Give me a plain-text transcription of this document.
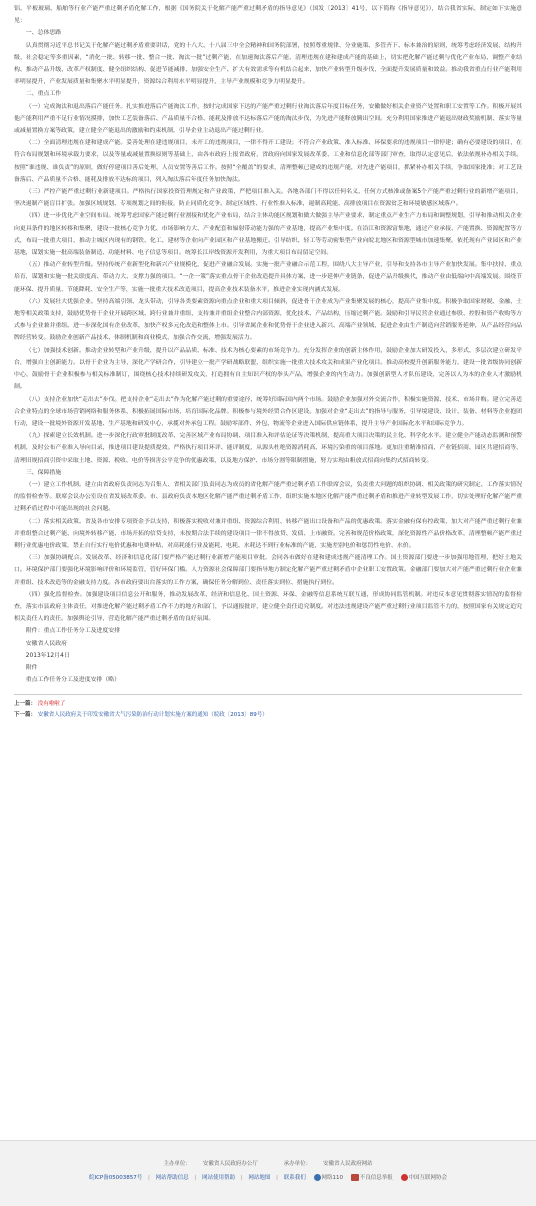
铝、平板玻璃、船舶等行业产能严重过剩矛盾化解工作，根据《国务院关于化解产能严重过剩矛盾的指导意见》（国发〔2013〕41号，以下简称《指导意见》），结合我省实际，制定如下实施意见：

一、总体思路

认真贯彻习近平总书记关于化解产能过剩矛盾重要讲话，党的十八大、十八届三中全会精神和国务院部署，按照尊重规律、分业施策、多管齐下、标本兼治的原则，统筹考虑经济发展、结构升级、社会稳定等多重因素，“消化一批、转移一批、整合一批、淘汰一批”过剩产能，在加速淘汰落后产能、清理违规在建和建成产能的基础上，切实把化解产能过剩与优化产业布局、调整产业结构、推动产品升级、改革产权制度、健全组织结构、促进节能减排、加强安全生产、扩大有效需求等有机结合起来，加快产业转型升级步伐，全面提升发展质量和效益。推动我省重点行业产能利用率明显提升，产业发展质量和集聚水平明显提升，资源综合利用水平明显提升，主导产业规模和竞争力明显提升。

二、重点工作

（一）完成淘汰和退出落后产能任务。扎实推进落后产能淘汰工作，按时完成国家下达的产能严重过剩行业淘汰落后年度目标任务，安徽做好相关企业资产处置和职工安置等工作。积极开展其他产能利用严重不足行业情况摸排，加快工艺装备落后、产品质量不合格、能耗及排放不达标落后产能的淘汰步伐，为先进产能释放腾出空间。充分利用国家推进产能退出财政奖励机制、落实等量或减量置换方案等政策，建立健全产能退出的激励和约束机制，引导企业主动退出产能过剩行业。

（二）全面清理违规在建和建成产能。妥善处理在建违规项目，未开工的违规项目，一律不得开工建设；不符合产业政策、准入标准、环保要求的违规项目一律停建；确有必要建设的项目，在符合布局规划和环境承载力要求，以及等量或减量置换原则等基础上，由各市政府上报省政府，省政府向国家发展改革委、工业和信息化部等部门审查，取得认定意见后，依法依规补办相关手续。按照“谁违规、谁负责”的原则，做好停建项目善后处理、人员安置等善后工作。按照“全覆盖”的要求，清理整顿已建成的违规产能，对先进产能项目，抓紧补办相关手续，争取国家批准；对工艺设备落后、产品质量不合格、能耗及排放不达标的项目，列入淘汰落后年度任务加快淘汰。

（三）严控产能严重过剩行业新建项目。严格执行国家投资管理规定和产业政策，严把项目准入关。各地各部门不得以任何名义、任何方式核准或备案5个产能严重过剩行业的新增产能项目，坚决遏制产能盲目扩张。加强区域规划、专项规划之间的衔接，防止同质化竞争。制定区域性、行业性准入标准，遏制高耗能、高排放项目在资源贫乏和环境敏感区域落户。

（四）进一步优化产业空间布局。统筹考虑国家产能过剩行业割接和优化产业布局，结合主体功能区规划和做大做强主导产业要求，制定重点产业生产力布局和调整规划，引导和推动相关企业向更具条件的地区转移和集聚，建设一批核心竞争力优、市场影响力大、产业配套和辐射带动能力强的产业基地，提高产业集中度。在沿江和资源富集地，通过产业承接、产能置换、资源配置等方式，布局一批重大项目，推动主城区内现有的钢铁、化工、建材等企业向产业园区和产业基地搬迁。引导纺织、轻工等劳动密集型产业向皖北地区和资源型城市加速集聚。依托现有产业园区和产业基地，谋划实施一批高端装备制造、功能材料、电子信息等项目。统筹长江岸线资源开发利用，为重大项目布局留足空间。

（五）推动产业转型升级。坚持传统产业新型化和新兴产业规模化，促进产业融合发展。实施一批产业融合示范工程，围绕八大主导产业，引导和支持各市主导产业加快发展。集中扶持、重点培育，谋划和实施一批关联度高、带动力大、支撑力强的项目。“一企一策”落实重点骨干企业改造提升具体方案，进一步延伸产业链条，促进产品升级换代，推动产业由低端向中高端发展。围绕节能环保、提升质量、节能降耗、安全生产等，实施一批重大技术改造项目，提高企业技术装备水平，推进企业实现内涵式发展。

（六）发展壮大优强企业。坚持高端引领、龙头带动，引导各类要素资源向重点企业和重大项目倾斜，促进骨干企业成为产业集聚发展的核心，提高产业集中度。积极争取国家财税、金融、土地等相关政策支持，鼓励优势骨干企业开展跨区域、跨行业兼并重组，支持兼并重组企业整合内部资源，优化技术、产品结构，压缩过剩产能。鼓励和引导民营企业通过参股、控股和资产收购等方式参与企业兼并重组。进一步深化国有企业改革，加快产权多元化改造和整体上市。引导省属企业和优势骨干企业进入新兴、高端产业领域，促进企业由生产制造向营销服务延伸，从产品经营向品牌经营转变。鼓励企业创新产品技术、体制机制和商业模式，加强合作交流，增强发展活力。

（七）加强技术创新。推动企业转型和产业升级，提升以产品品质、标准、技术为核心要素的市场竞争力。充分发挥企业的创新主体作用，鼓励企业加大研发投入，多形式、多层次建立研发平台，增强自主创新能力。以骨干企业为主导，深化产学研合作，引导建立一批产学研战略联盟，组织实施一批重大技术攻关和成果产业化项目。推动高校提升创新服务能力，建设一批省级协同创新中心，鼓励骨干企业积极参与相关标准制订，围绕核心技术持续研发攻关，打造拥有自主知识产权的拳头产品，增强企业的内生动力。加强创新型人才队伍建设，完善以人为本的企业人才激励机制。

（八）支持企业加快“走出去”步伐。把支持企业“走出去”作为化解产能过剩的重要途径，统筹好国际国内两个市场。鼓励企业加强对外交流合作，积极实施资源、技术、市场并购。建立完善适合企业特点的全球市场营销网络和服务体系，积极拓展国际市场，培育国际化品牌。积极参与境外经贸合作区建设。加强对企业“走出去”的指导与服务，引导境建设、设计、装备、材料等企业抱团行动，建设一批境外资源开发基地、生产基地和研发中心，承揽对外承包工程。鼓励零部件、外包、物流等企业进入国际供应链体系，提升主导产业国际化水平和国际竞争力。

（九）探索建立长效机制。进一步深化行政审批制度改革，完善区域产业布局协调、项目准入和评估论证等决策机制，提高重大项目决策的民主化、科学化水平。建立健全产能动态监测和预警机制，及时公布产业准入导向目录，推进项目建设提质提效。严格执行项目环评、能评制度，从源头杜绝资源消耗高、环境污染重的项目落地。更加注重精准招商、产业链招商、园区共建招商等，清理旧规招商引资中采取土地、资源、税收、电价等损害公平竞争的优惠政策，以及地方保护、市场分割等限制措施，努力实现由粗放式招商向集约式招商转变。

三、保障措施

（一）建立工作机制。建立由省政府负责同志为召集人、省相关部门负责同志为成员的省化解产能严重过剩矛盾工作联席会议，负责重大问题的组织协调、相关政策的研究制定、工作落实情况的监督检查等。联席会议办公室设在省发展改革委。市、县政府负责本地区化解产能严重过剩矛盾工作，组织实施本地区化解产能严重过剩矛盾和推进产业转型发展工作，切实处理好化解产能严重过剩矛盾过程中可能出现的社会问题。

（二）落实相关政策。省及各市安排专项资金予以支持，积极落实税收对兼并重组、资源综合利用、转移产能出口设备和产品的优惠政策。落实金融有保有控政策，加大对产能严重过剩行业兼并重组整合过剩产能、向境外转移产能、市场开拓的信贷支持，未按期合法手续的建设项目一律不得放贷、发债、上市融资。完善和规范价格政策，深化资源性产品价格改革，清理整顿产能严重过剩行业优惠电价政策，禁止自行实行电价优惠和电费补贴，对高耗能行业及能耗、电耗、水耗达不到行业标准的产能，实施差别电价和惩罚性电价、水价。

（三）加强协调配合。发展改革、经济和信息化部门要严格产能过剩行业新增产能项目审批，会同各市做好在建和建成违规产能清理工作。国土资源部门要进一步加强用地管理，把好土地关口。环境保护部门要强化环境影响评价和环境监管，管好环保门槛。人力资源社会保障部门要指导地方制定化解产能严重过剩矛盾中企业职工安置政策。金融部门要加大对产能严重过剩行业企业兼并重组、技术改造等的金融支持力度。各市政府要出台落实的工作方案，确保任务分解到位、责任落实到位、措施执行到位。

（四）强化监督检查。加强建设项目信息公开和服务，推动发展改革、经济和信息化、国土资源、环保、金融等信息系统互联互通，形成协同监管机制。对违反本意见贯彻落实情况的监督检查，落实市县政府主体责任，对推进化解产能过剩矛盾工作不力的地方和部门，予以通报批评，建立健全责任追究制度。对违法违规建设产能严重过剩行业项目监管不力的，按照国家有关规定追究相关责任人的责任。加强舆论引导，营造化解产能严重过剩矛盾的良好氛围。

附件：重点工作任务分工及进度安排

安徽省人民政府

2013年12月4日

附件

重点工作任务分工及进度安排（略）

上一篇： 没有啦啦了
下一篇： 安徽省人民政府关于印发安徽省大气污染防治行动计划实施方案的通知（皖政〔2013〕89号）
主办单位： 安徽省人民政府办公厅	承办单位： 安徽省人民政府网站
皖ICP备05003857号 | 网站帮助信息 | 网站使用帮助 | 网站地图 | 联系我们	网络110	不良信息举报	中国互联网协会
